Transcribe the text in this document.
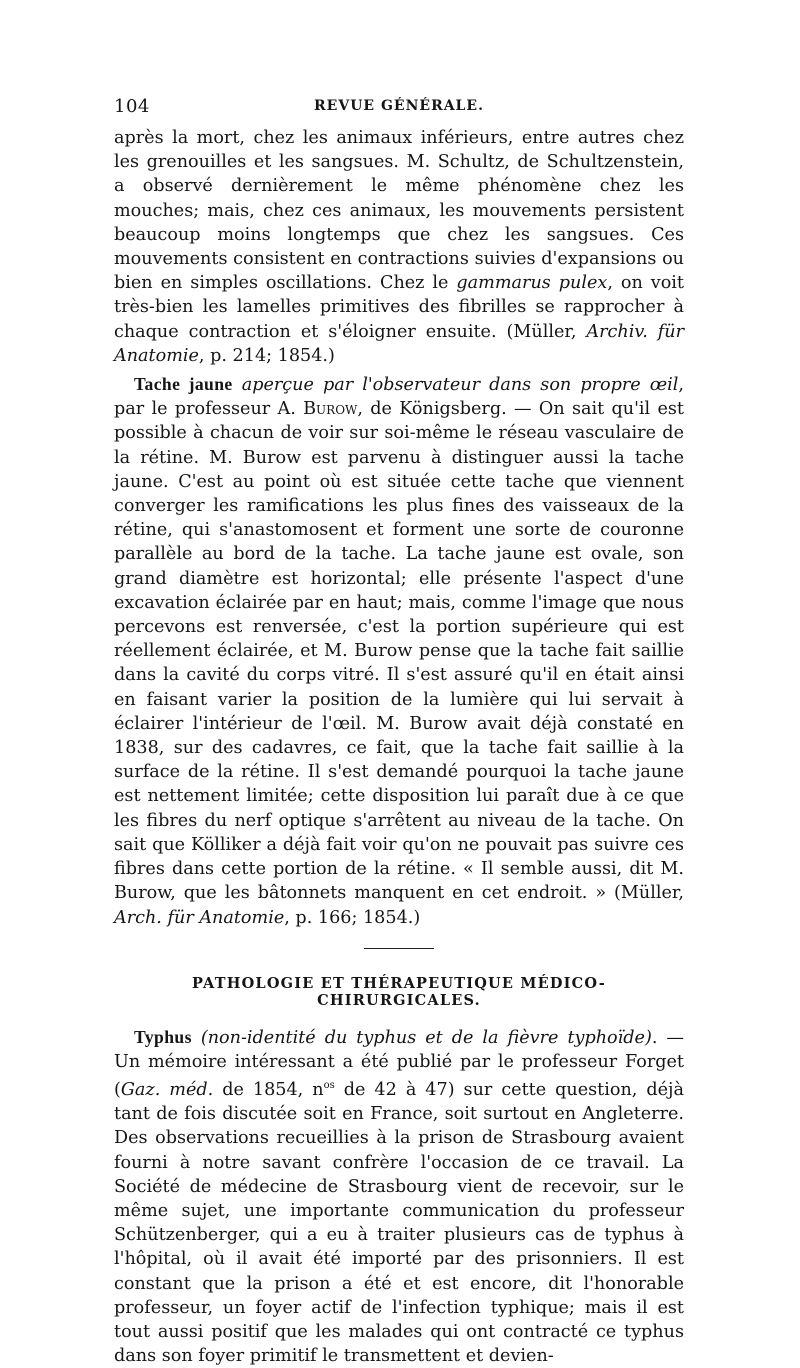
104	REVUE GÉNÉRALE.

après la mort, chez les animaux inférieurs, entre autres chez les grenouilles et les sangsues. M. Schultz, de Schultzenstein, a observé dernièrement le même phénomène chez les mouches; mais, chez ces animaux, les mouvements persistent beaucoup moins longtemps que chez les sangsues. Ces mouvements consistent en contractions suivies d'expansions ou bien en simples oscillations. Chez le gammarus pulex, on voit très-bien les lamelles primitives des fibrilles se rapprocher à chaque contraction et s'éloigner ensuite. (Müller, Archiv. für Anatomie, p. 214; 1854.)

Tache jaune aperçue par l'observateur dans son propre œil, par le professeur A. Burow, de Königsberg. — On sait qu'il est possible à chacun de voir sur soi-même le réseau vasculaire de la rétine. M. Burow est parvenu à distinguer aussi la tache jaune. C'est au point où est située cette tache que viennent converger les ramifications les plus fines des vaisseaux de la rétine, qui s'anastomosent et forment une sorte de couronne parallèle au bord de la tache. La tache jaune est ovale, son grand diamètre est horizontal; elle présente l'aspect d'une excavation éclairée par en haut; mais, comme l'image que nous percevons est renversée, c'est la portion supérieure qui est réellement éclairée, et M. Burow pense que la tache fait saillie dans la cavité du corps vitré. Il s'est assuré qu'il en était ainsi en faisant varier la position de la lumière qui lui servait à éclairer l'intérieur de l'œil. M. Burow avait déjà constaté en 1838, sur des cadavres, ce fait, que la tache fait saillie à la surface de la rétine. Il s'est demandé pourquoi la tache jaune est nettement limitée; cette disposition lui paraît due à ce que les fibres du nerf optique s'arrêtent au niveau de la tache. On sait que Kölliker a déjà fait voir qu'on ne pouvait pas suivre ces fibres dans cette portion de la rétine. « Il semble aussi, dit M. Burow, que les bâtonnets manquent en cet endroit. » (Müller, Arch. für Anatomie, p. 166; 1854.)

PATHOLOGIE ET THÉRAPEUTIQUE MÉDICO-CHIRURGICALES.

Typhus (non-identité du typhus et de la fièvre typhoïde). — Un mémoire intéressant a été publié par le professeur Forget (Gaz. méd. de 1854, $n^{os}$ de 42 à 47) sur cette question, déjà tant de fois discutée soit en France, soit surtout en Angleterre. Des observations recueillies à la prison de Strasbourg avaient fourni à notre savant confrère l'occasion de ce travail. La Société de médecine de Strasbourg vient de recevoir, sur le même sujet, une importante communication du professeur Schützenberger, qui a eu à traiter plusieurs cas de typhus à l'hôpital, où il avait été importé par des prisonniers. Il est constant que la prison a été et est encore, dit l'honorable professeur, un foyer actif de l'infection typhique; mais il est tout aussi positif que les malades qui ont contracté ce typhus dans son foyer primitif le transmettent et devien-
